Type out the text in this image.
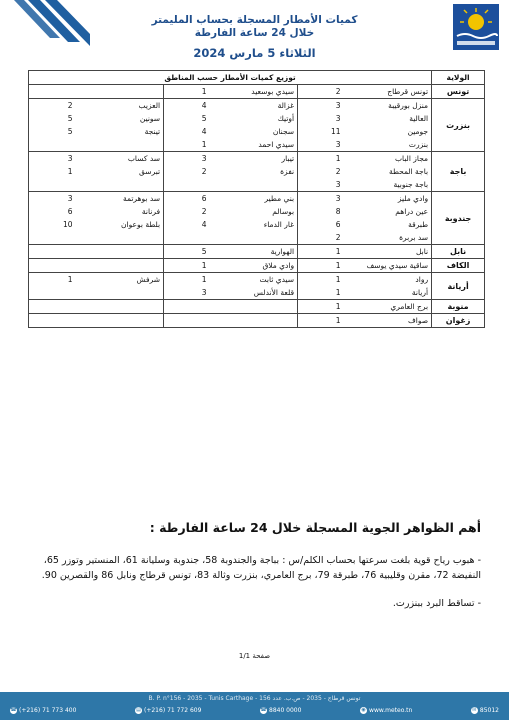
كميات الأمطار المسجلة بحساب المليمتر
خلال 24 ساعة الفارطة
الثلاثاء 5 مارس 2024
الولاية	توزيع كميات الأمطار حسب المناطق					
تونس	تونس قرطاج	2	سيدي بوسعيد	1		
بنزرت	منزل بورقيبة	3	غزالة	4	العزيب	2
	العالية	3	أوتيك	5	سونين	5
	جومين	11	سجنان	4	تينجة	5
	بنزرت	3	سيدي احمد	1		
باجة	مجاز الباب	1	تيبار	3	سد كساب	3
	باجة المحطة	2	نفزة	2	تبرسق	1
	باجة جنوبية	3				
جندوبة	وادي مليز	3	بني مطير	6	سد بوهرتمة	3
	عين دراهم	8	بوسالم	2	فرنانة	6
	طبرقة	6	غار الدماء	4	بلطة بوعوان	10
	سد بربرة	2				
نابل	نابل	1	الهوارية	5		
الكاف	ساقية سيدي يوسف	1	وادي ملاق	1		
أريانة	رواد	1	سيدي ثابت	1	شرفش	1
	أريانة	1	قلعة الأندلس	3		
منوبة	برج العامري	1				
زغوان	صواف	1				
أهم الظواهر الجوية المسجلة خلال 24 ساعة الفارطة :
- هبوب رياح قوية بلغت سرعتها بحساب الكلم/س : بباجة والجندوبة 58، جندوبة وسليانة 61، المنستير وتوزر 65، النفيضة 72، مقرن وقليبية 76، طبرقة 79، برج العامري، بنزرت وثالة 83، تونس قرطاج ونابل 86 والقصرين 90.
- تساقط البرد ببنزرت.
صفحة 1/1
B. P. n°156 - 2035 - Tunis Carthage - تونس قرطاج - 2035 - ص.ب. عدد 156
☎ (+216) 71 773 400	▤ (+216) 71 772 609	☎ 8840 0000	◉ www.meteo.tn	✉ 85012
